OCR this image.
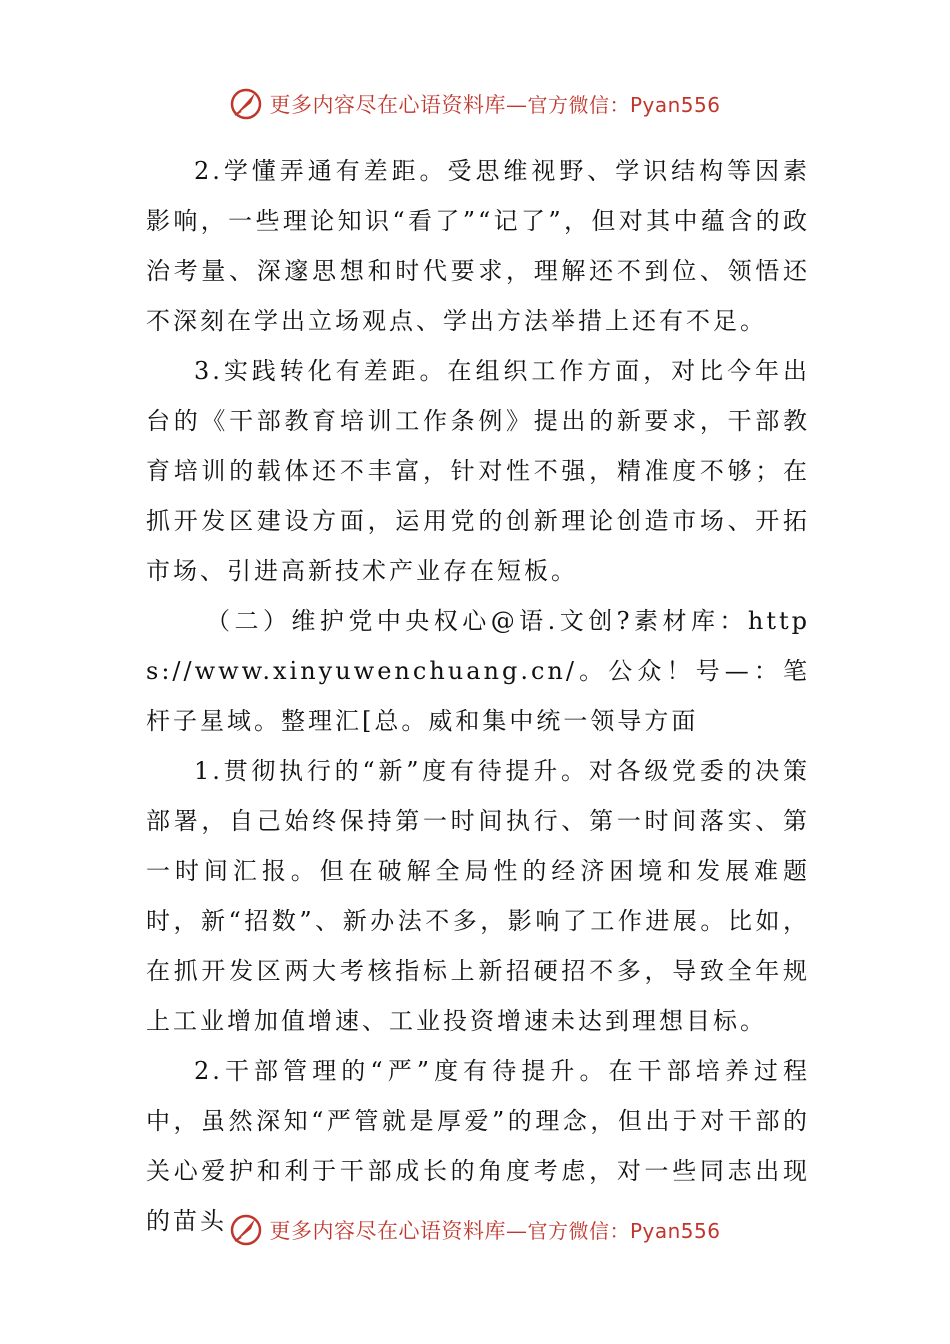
更多内容尽在心语资料库—官方微信：Pyan556

2.学懂弄通有差距。受思维视野、学识结构等因素影响，一些理论知识“看了”“记了”，但对其中蕴含的政治考量、深邃思想和时代要求，理解还不到位、领悟还不深刻在学出立场观点、学出方法举措上还有不足。

3.实践转化有差距。在组织工作方面，对比今年出台的《干部教育培训工作条例》提出的新要求，干部教育培训的载体还不丰富，针对性不强，精准度不够；在抓开发区建设方面，运用党的创新理论创造市场、开拓市场、引进高新技术产业存在短板。

（二）维护党中央权心@语.文创?素材库：https://www.xinyuwenchuang.cn/。公众！号—：笔杆子星域。整理汇[总。威和集中统一领导方面

1.贯彻执行的“新”度有待提升。对各级党委的决策部署，自己始终保持第一时间执行、第一时间落实、第一时间汇报。但在破解全局性的经济困境和发展难题时，新“招数”、新办法不多，影响了工作进展。比如，在抓开发区两大考核指标上新招硬招不多，导致全年规上工业增加值增速、工业投资增速未达到理想目标。

2.干部管理的“严”度有待提升。在干部培养过程中，虽然深知“严管就是厚爱”的理念，但出于对干部的关心爱护和利于干部成长的角度考虑，对一些同志出现的苗头	更多内容尽在心语资料库—官方微信：Pyan556
